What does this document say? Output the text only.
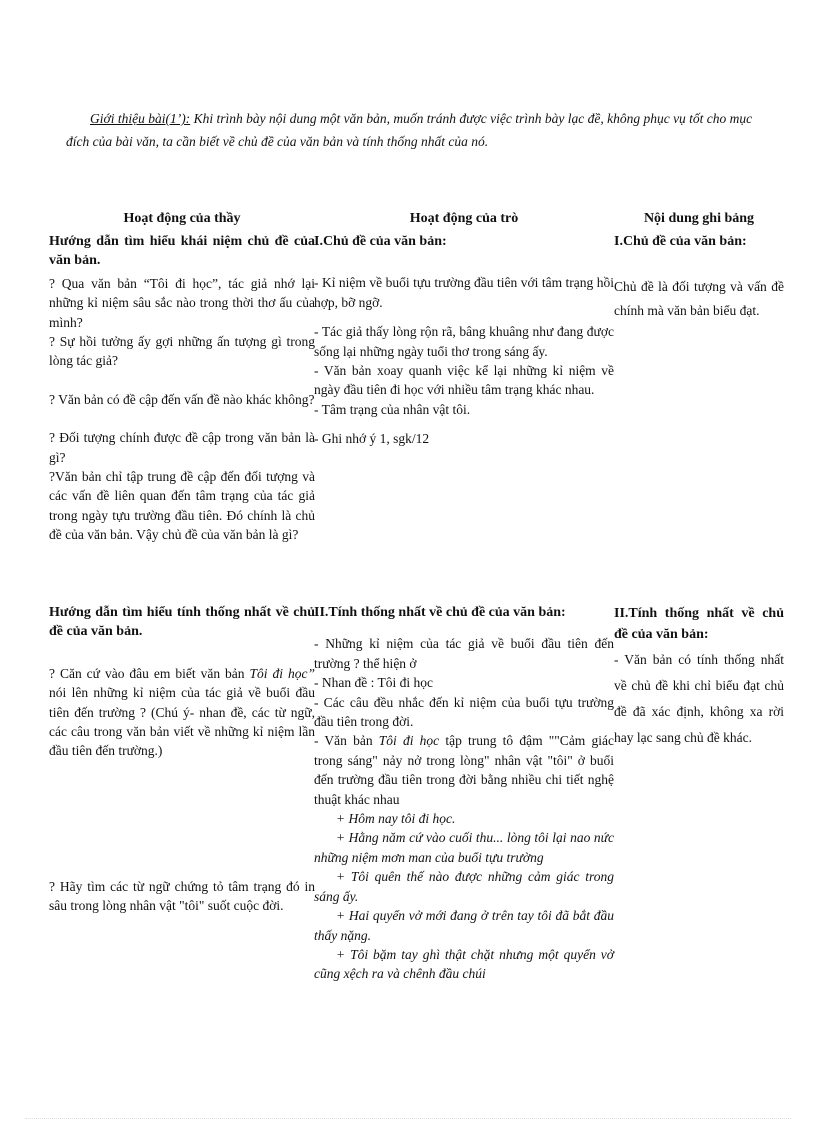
Giới thiệu bài(1’): Khi trình bày nội dung một văn bản, muốn tránh được việc trình bày lạc đề, không phục vụ tốt cho mục đích của bài văn, ta cần biết về chủ đề của văn bản và tính thống nhất của nó.
Hoạt động của thầy	Hoạt động của trò	Nội dung ghi bảng

Hướng dẫn tìm hiểu khái niệm chủ đề của văn bản.

? Qua văn bản “Tôi đi học”, tác giả nhớ lại những kỉ niệm sâu sắc nào trong thời thơ ấu của mình?

? Sự hồi tưởng ấy gợi những ấn tượng gì trong lòng tác giả?

? Văn bản có đề cập đến vấn đề nào khác không?

? Đối tượng chính được đề cập trong văn bản là gì?

?Văn bản chỉ tập trung đề cập đến đối tượng và các vấn đề liên quan đến tâm trạng của tác giả trong ngày tựu trường đầu tiên. Đó chính là chủ đề của văn bản. Vậy chủ đề của văn bản là gì?

I.Chủ đề của văn bản:

- Kỉ niệm về buổi tựu trường đầu tiên với tâm trạng hồi hợp, bỡ ngỡ.

- Tác giả thấy lòng rộn rã, bâng khuâng như đang được sống lại những ngày tuổi thơ trong sáng ấy.

- Văn bản xoay quanh việc kể lại những kỉ niệm về ngày đầu tiên đi học với nhiều tâm trạng khác nhau.

- Tâm trạng của nhân vật tôi.

- Ghi nhớ ý 1, sgk/12

I.Chủ đề của văn bản:

Chủ đề là đối tượng và vấn đề chính mà văn bản biểu đạt.

Hướng dẫn tìm hiểu tính thống nhất về chủ đề của văn bản.

? Căn cứ vào đâu em biết văn bản Tôi đi học” nói lên những kỉ niệm của tác giả về buổi đầu tiên đến trường ? (Chú ý- nhan đề, các từ ngữ, các câu trong văn bản viết về những kỉ niệm lần đầu tiên đến trường.)

? Hãy tìm các từ ngữ chứng tỏ tâm trạng đó in sâu trong lòng nhân vật "tôi" suốt cuộc đời.

II.Tính thống nhất về chủ đề của văn bản:

- Những kỉ niệm của tác giả về buổi đầu tiên đến trường ? thể hiện ở

- Nhan đề : Tôi đi học

- Các câu đều nhắc đến kỉ niệm của buổi tựu trường đầu tiên trong đời.

- Văn bản Tôi đi học tập trung tô đậm ""Cảm giác trong sáng" nảy nở trong lòng" nhân vật "tôi" ở buổi đến trường đầu tiên trong đời bằng nhiều chi tiết nghệ thuật khác nhau

+ Hôm nay tôi đi học.

+ Hằng năm cứ vào cuối thu... lòng tôi lại nao nức những niệm mơn man của buổi tựu trường

+ Tôi quên thế nào được những cảm giác trong sáng ấy.

+ Hai quyển vở mới đang ở trên tay tôi đã bắt đầu thấy nặng.

+ Tôi bặm tay ghì thật chặt nhưng một quyển vở cũng xệch ra và chênh đầu chúi

II.Tính thống nhất về chủ đề của văn bản:

- Văn bản có tính thống nhất về chủ đề khi chỉ biểu đạt chủ đề đã xác định, không xa rời hay lạc sang chủ đề khác.
